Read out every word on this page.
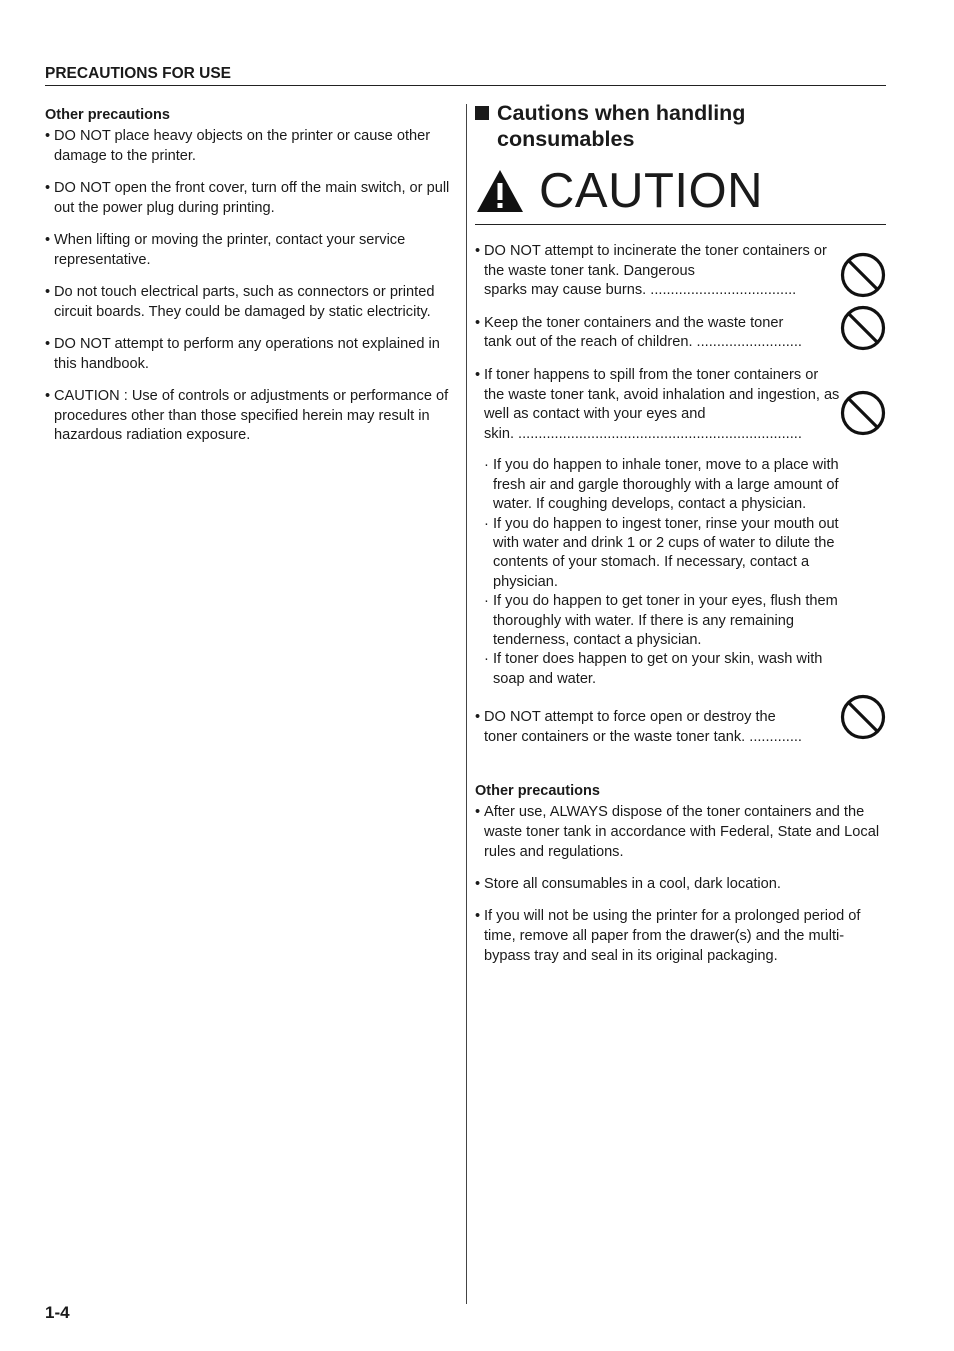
PRECAUTIONS FOR USE
Other precautions
• DO NOT place heavy objects on the printer or cause other damage to the printer.
• DO NOT open the front cover, turn off the main switch, or pull out the power plug during printing.
• When lifting or moving the printer, contact your service representative.
• Do not touch electrical parts, such as connectors or printed circuit boards. They could be damaged by static electricity.
• DO NOT attempt to perform any operations not explained in this handbook.
• CAUTION : Use of controls or adjustments or performance of procedures other than those specified herein may result in hazardous radiation exposure.
Cautions when handling consumables
CAUTION
• DO NOT attempt to incinerate the toner containers or the waste toner tank. Dangerous
sparks may cause burns. ....................................
• Keep the toner containers and the waste toner
tank out of the reach of children. ..........................
• If toner happens to spill from the toner containers or the waste toner tank, avoid inhalation and ingestion, as well as contact with your eyes and
skin. ......................................................................
· If you do happen to inhale toner, move to a place with fresh air and gargle thoroughly with a large amount of water. If coughing develops, contact a physician.
· If you do happen to ingest toner, rinse your mouth out with water and drink 1 or 2 cups of water to dilute the contents of your stomach. If necessary, contact a physician.
· If you do happen to get toner in your eyes, flush them thoroughly with water. If there is any remaining tenderness, contact a physician.
· If toner does happen to get on your skin, wash with soap and water.
• DO NOT attempt to force open or destroy the
toner containers or the waste toner tank. .............
Other precautions
• After use, ALWAYS dispose of the toner containers and the waste toner tank in accordance with Federal, State and Local rules and regulations.
• Store all consumables in a cool, dark location.
• If you will not be using the printer for a prolonged period of time, remove all paper from the drawer(s) and the multi-bypass tray and seal in its original packaging.
1-4
